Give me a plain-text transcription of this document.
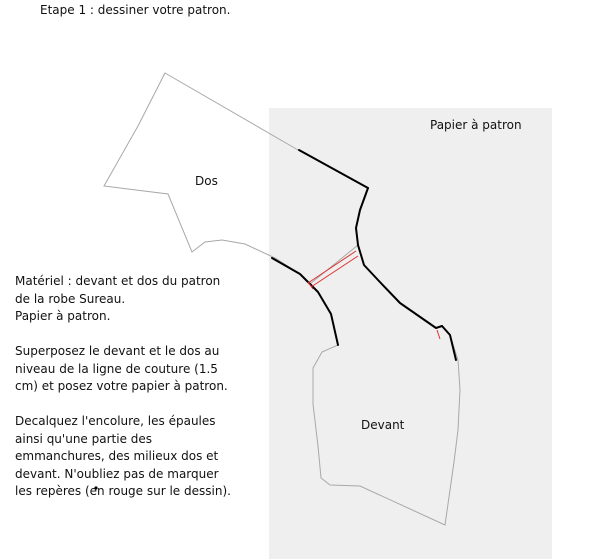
Etape 1 : dessiner votre patron.
Papier à patron
Dos
Devant

Matériel : devant et dos du patron
de la robe Sureau.
Papier à patron.

Superposez le devant et le dos au
niveau de la ligne de couture (1.5
cm) et posez votre papier à patron.

Decalquez l'encolure, les épaules
ainsi qu'une partie des
emmanchures, des milieux dos et
devant. N'oubliez pas de marquer
les repères (en rouge sur le dessin).
